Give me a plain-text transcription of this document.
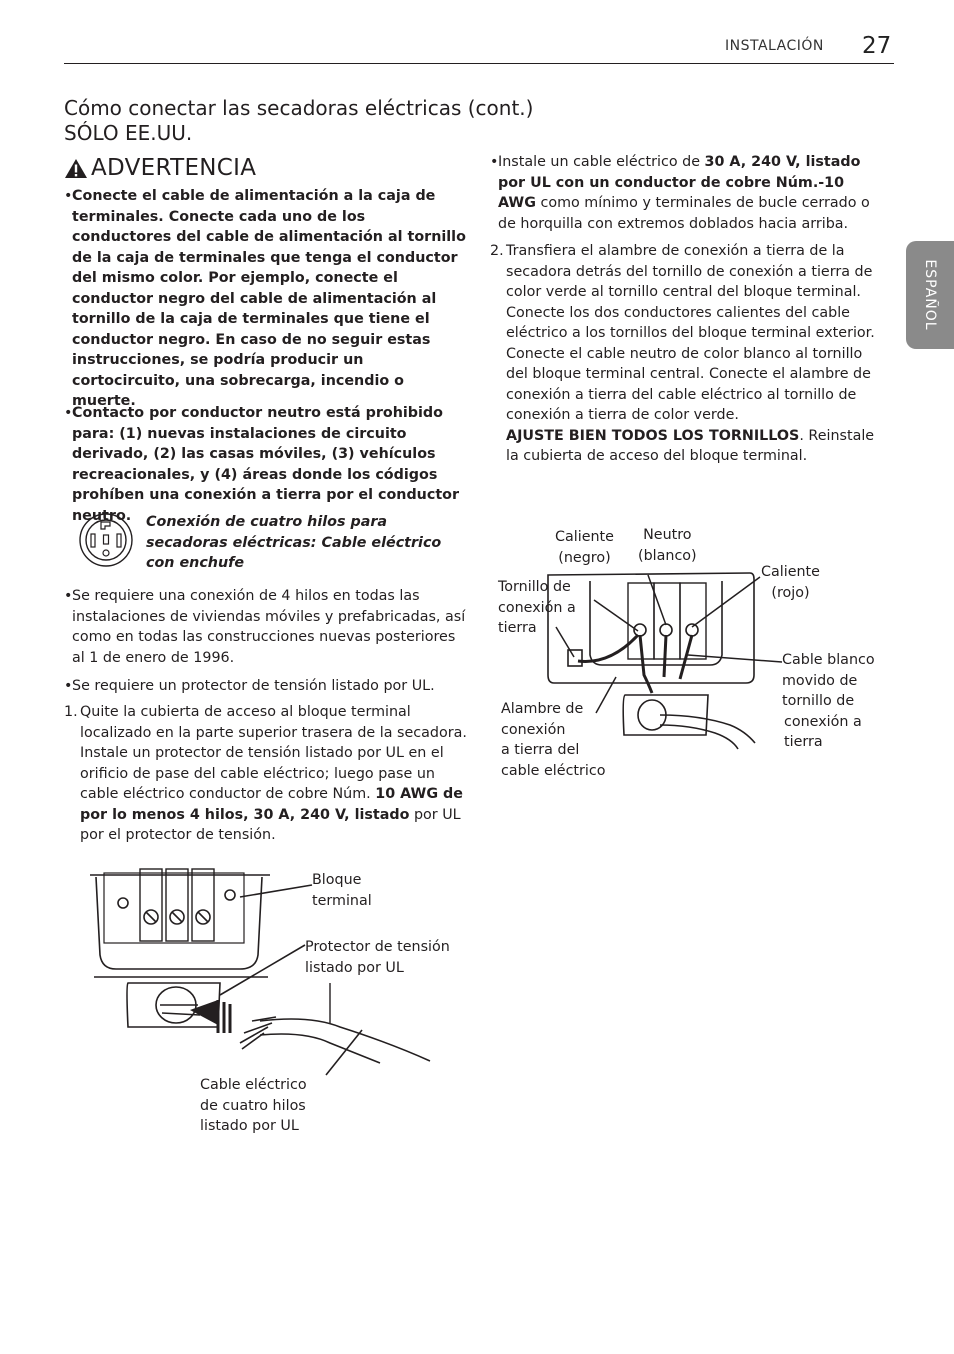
INSTALACIÓN 27
ESPAÑOL
Cómo conectar las secadoras eléctricas (cont.)
SÓLO EE.UU.
ADVERTENCIA
• Conecte el cable de alimentación a la caja de terminales. Conecte cada uno de los conductores del cable de alimentación al tornillo de la caja de terminales que tenga el conductor del mismo color. Por ejemplo, conecte el conductor negro del cable de alimentación al tornillo de la caja de terminales que tiene el conductor negro. En caso de no seguir estas instrucciones, se podría producir un cortocircuito, una sobrecarga, incendio o muerte.
• Contacto por conductor neutro está prohibido para: (1) nuevas instalaciones de circuito derivado, (2) las casas móviles, (3) vehículos recreacionales, y (4) áreas donde los códigos prohíben una conexión a tierra por el conductor neutro.	Conexión de cuatro hilos para secadoras eléctricas: Cable eléctrico con enchufe
• Se requiere una conexión de 4 hilos en todas las instalaciones de viviendas móviles y prefabricadas, así como en todas las construcciones nuevas posteriores al 1 de enero de 1996.
• Se requiere un protector de tensión listado por UL.
1. Quite la cubierta de acceso al bloque terminal localizado en la parte superior trasera de la secadora. Instale un protector de tensión listado por UL en el orificio de pase del cable eléctrico; luego pase un cable eléctrico conductor de cobre Núm. 10 AWG de por lo menos 4 hilos, 30 A, 240 V, listado por UL por el protector de tensión.
• Instale un cable eléctrico de 30 A, 240 V, listado por UL con un conductor de cobre Núm.-10 AWG como mínimo y terminales de bucle cerrado o de horquilla con extremos doblados hacia arriba.
2. Transfiera el alambre de conexión a tierra de la secadora detrás del tornillo de conexión a tierra de color verde al tornillo central del bloque terminal. Conecte los dos conductores calientes del cable eléctrico a los tornillos del bloque terminal exterior. Conecte el cable neutro de color blanco al tornillo del bloque terminal central. Conecte el alambre de conexión a tierra del cable eléctrico al tornillo de conexión a tierra de color verde.
AJUSTE BIEN TODOS LOS TORNILLOS. Reinstale la cubierta de acceso del bloque terminal.
Bloque
terminal
Protector de tensión
listado por UL
Cable eléctrico
de cuatro hilos
listado por UL
Caliente
(negro)
Neutro
(blanco)
Caliente
(rojo)
Tornillo de
conexión a
tierra
Alambre de
conexión
a tierra del
cable eléctrico
Cable blanco
movido de
tornillo de
conexión a
tierra
